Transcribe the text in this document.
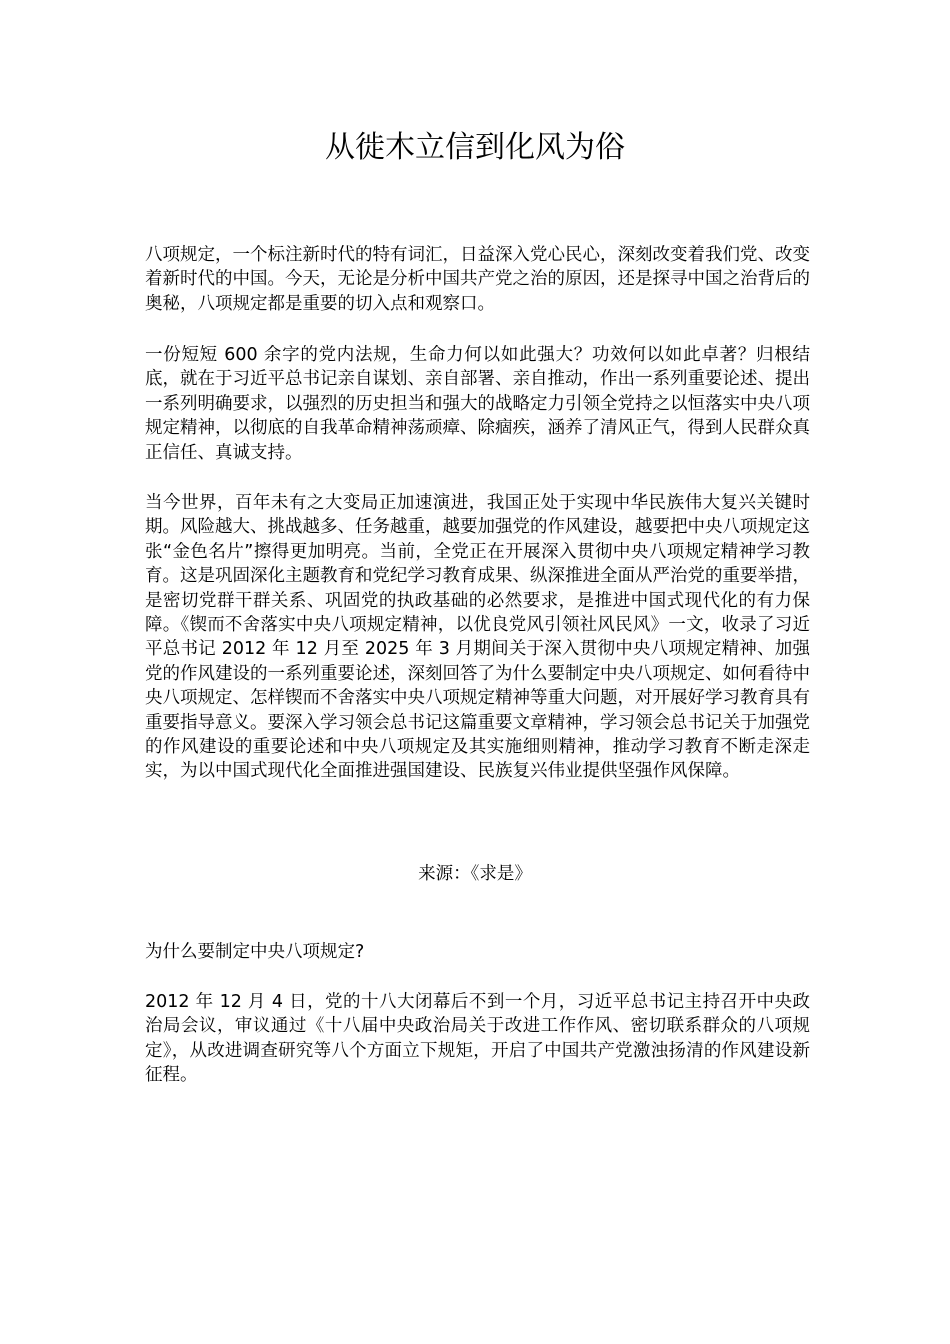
从徙木立信到化风为俗

八项规定，一个标注新时代的特有词汇，日益深入党心民心，深刻改变着我们党、改变着新时代的中国。今天，无论是分析中国共产党之治的原因，还是探寻中国之治背后的奥秘，八项规定都是重要的切入点和观察口。

一份短短 600 余字的党内法规，生命力何以如此强大？功效何以如此卓著？归根结底，就在于习近平总书记亲自谋划、亲自部署、亲自推动，作出一系列重要论述、提出一系列明确要求，以强烈的历史担当和强大的战略定力引领全党持之以恒落实中央八项规定精神，以彻底的自我革命精神荡顽瘴、除痼疾，涵养了清风正气，得到人民群众真正信任、真诚支持。

当今世界，百年未有之大变局正加速演进，我国正处于实现中华民族伟大复兴关键时期。风险越大、挑战越多、任务越重，越要加强党的作风建设，越要把中央八项规定这张“金色名片”擦得更加明亮。当前，全党正在开展深入贯彻中央八项规定精神学习教育。这是巩固深化主题教育和党纪学习教育成果、纵深推进全面从严治党的重要举措，是密切党群干群关系、巩固党的执政基础的必然要求，是推进中国式现代化的有力保障。《锲而不舍落实中央八项规定精神，以优良党风引领社风民风》一文，收录了习近平总书记 2012 年 12 月至 2025 年 3 月期间关于深入贯彻中央八项规定精神、加强党的作风建设的一系列重要论述，深刻回答了为什么要制定中央八项规定、如何看待中央八项规定、怎样锲而不舍落实中央八项规定精神等重大问题，对开展好学习教育具有重要指导意义。要深入学习领会总书记这篇重要文章精神，学习领会总书记关于加强党的作风建设的重要论述和中央八项规定及其实施细则精神，推动学习教育不断走深走实，为以中国式现代化全面推进强国建设、民族复兴伟业提供坚强作风保障。

来源：《求是》

为什么要制定中央八项规定?

2012 年 12 月 4 日，党的十八大闭幕后不到一个月，习近平总书记主持召开中央政治局会议，审议通过《十八届中央政治局关于改进工作作风、密切联系群众的八项规定》，从改进调查研究等八个方面立下规矩，开启了中国共产党激浊扬清的作风建设新征程。
